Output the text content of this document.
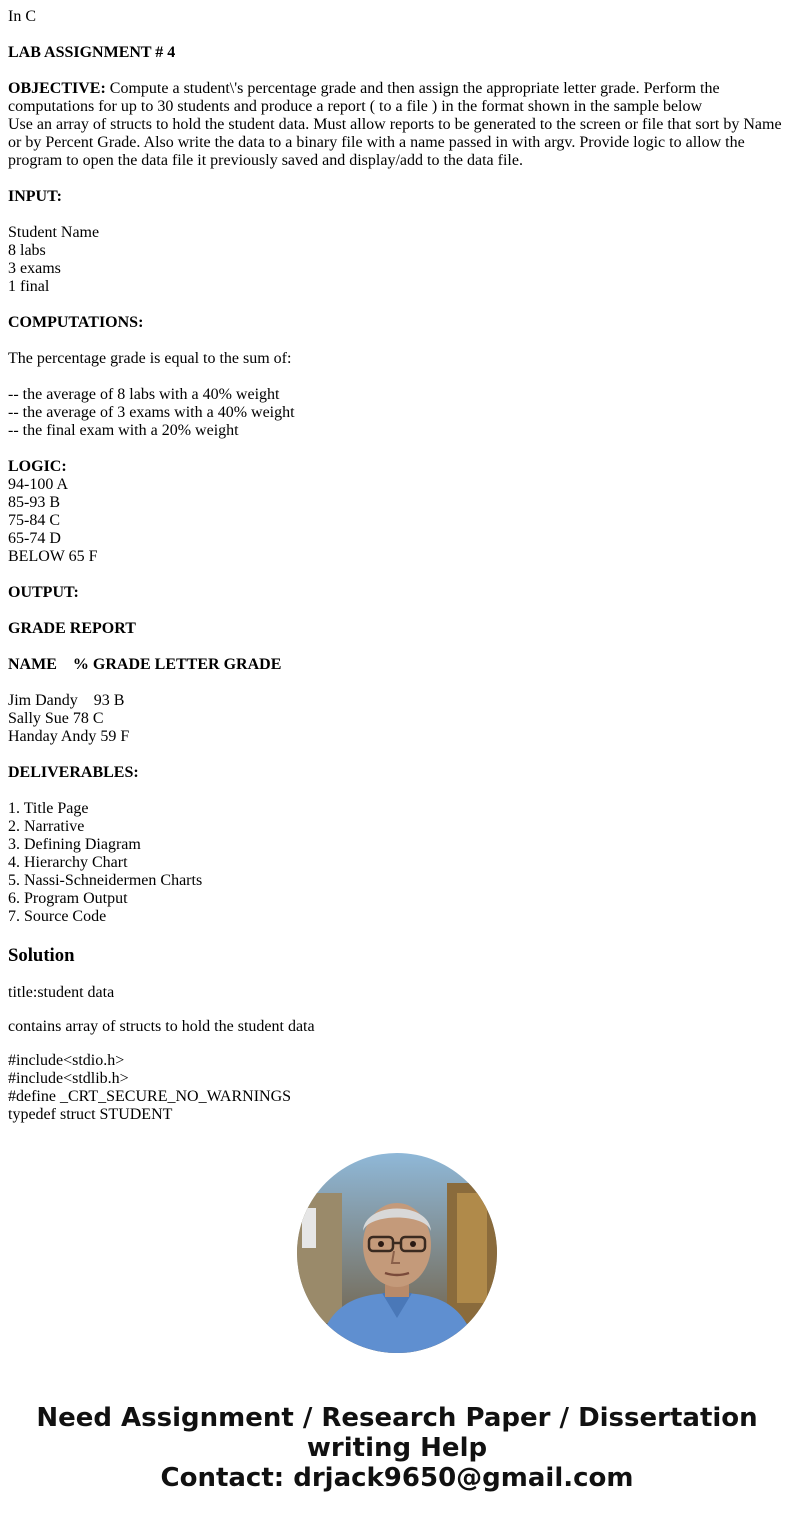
In C
LAB ASSIGNMENT # 4
OBJECTIVE: Compute a student\'s percentage grade and then assign the appropriate letter grade. Perform the computations for up to 30 students and produce a report ( to a file ) in the format shown in the sample below
Use an array of structs to hold the student data. Must allow reports to be generated to the screen or file that sort by Name or by Percent Grade. Also write the data to a binary file with a name passed in with argv. Provide logic to allow the program to open the data file it previously saved and display/add to the data file.
INPUT:
Student Name
8 labs
3 exams
1 final
COMPUTATIONS:
The percentage grade is equal to the sum of:
-- the average of 8 labs with a 40% weight
-- the average of 3 exams with a 40% weight
-- the final exam with a 20% weight
LOGIC:
94-100 A
85-93 B
75-84 C
65-74 D
BELOW 65 F
OUTPUT:
GRADE REPORT
NAME    % GRADE LETTER GRADE
Jim Dandy    93 B
Sally Sue 78 C
Handay Andy 59 F
DELIVERABLES:
1. Title Page
2. Narrative
3. Defining Diagram
4. Hierarchy Chart
5. Nassi-Schneidermen Charts
6. Program Output
7. Source Code
Solution

title:student data

contains array of structs to hold the student data

#include<stdio.h>
#include<stdlib.h>
#define _CRT_SECURE_NO_WARNINGS
typedef struct STUDENT
Need Assignment / Research Paper / Dissertation
writing Help
Contact: drjack9650@gmail.com
